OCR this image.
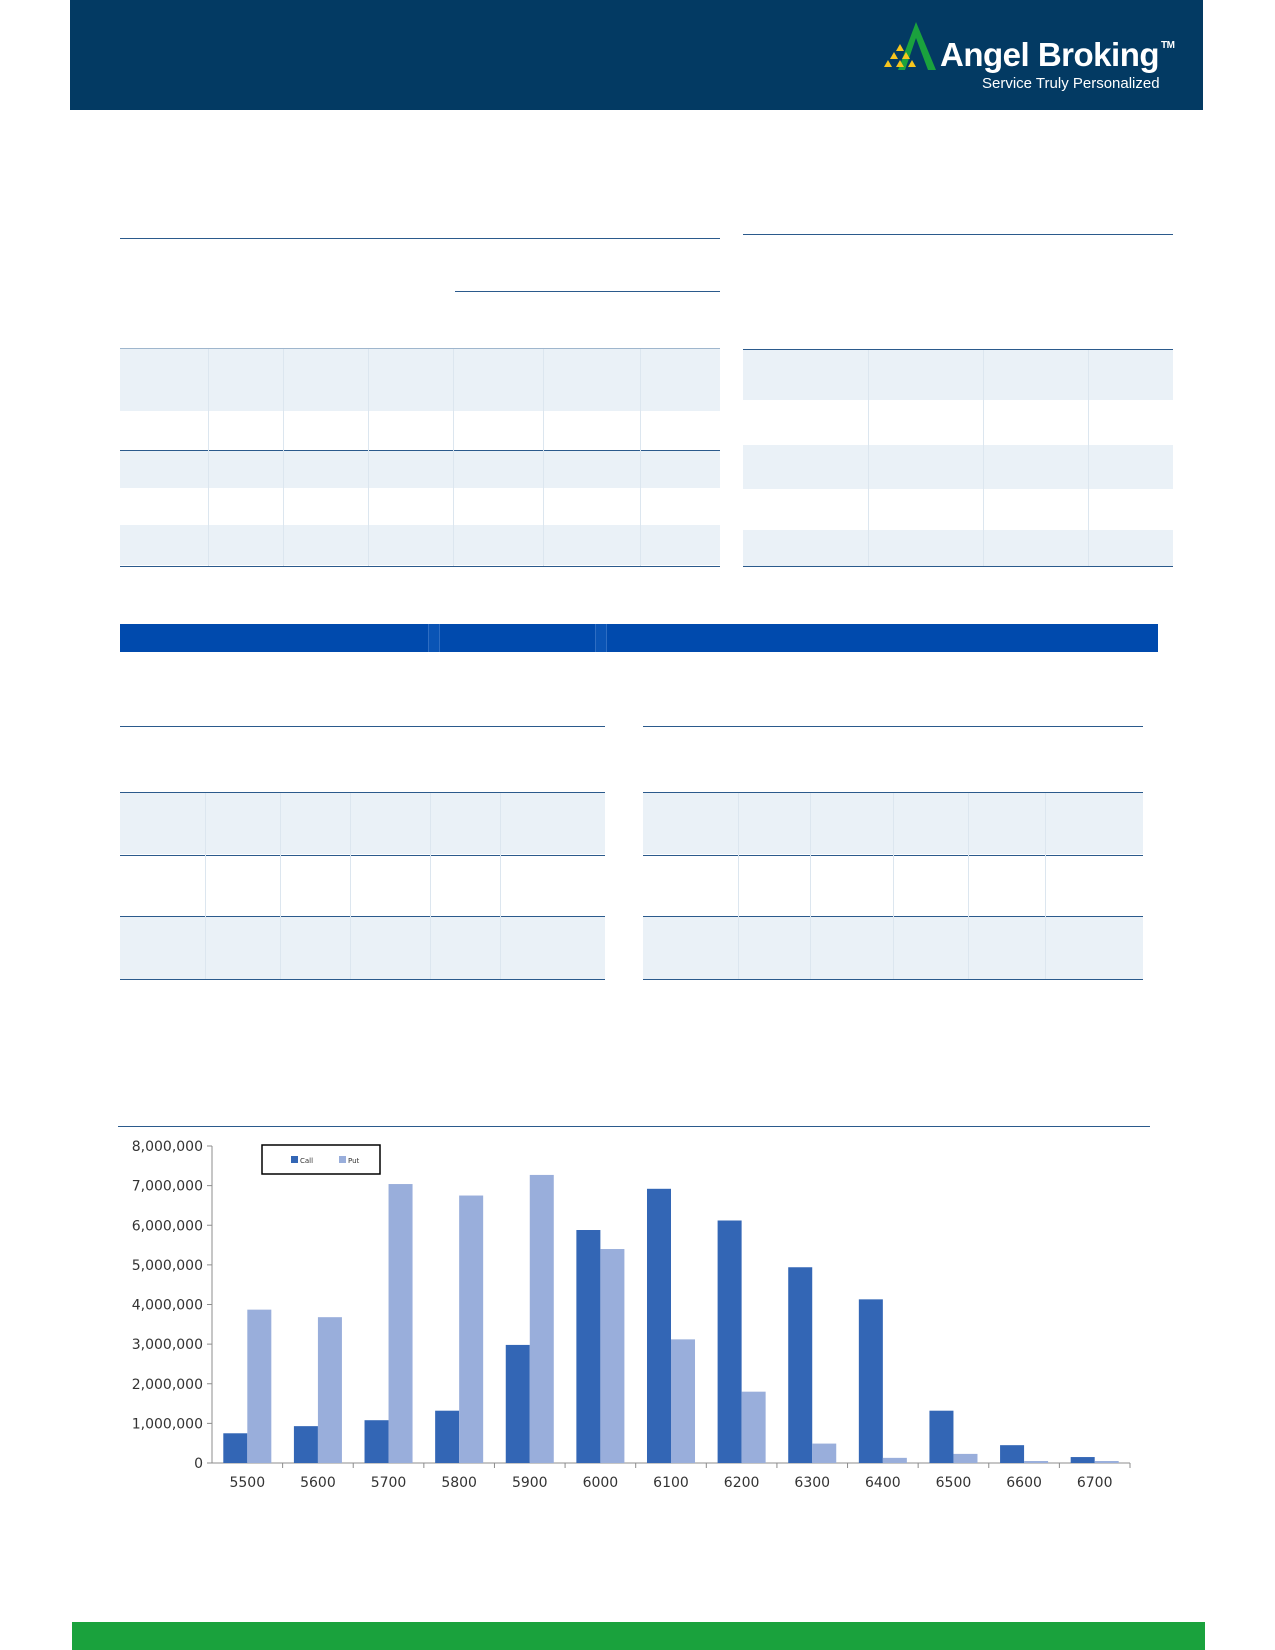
Angel Broking ™
Service Truly Personalized
0
1,000,000
2,000,000
3,000,000
4,000,000
5,000,000
6,000,000
7,000,000
8,000,000
5500 5600 5700 5800 5900 6000 6100 6200 6300 6400 6500 6600 6700
Call	Put
